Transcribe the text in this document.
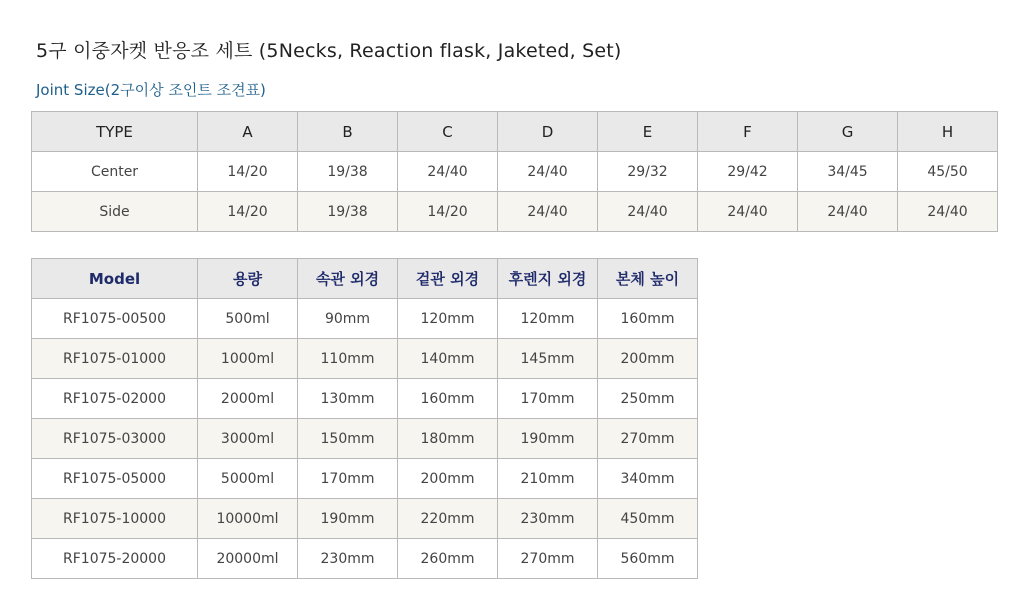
5구 이중자켓 반응조 세트 (5Necks, Reaction flask, Jaketed, Set)
Joint Size(2구이상 조인트 조견표)
TYPE	A	B	C	D	E	F	G	H
Center	14/20	19/38	24/40	24/40	29/32	29/42	34/45	45/50
Side	14/20	19/38	14/20	24/40	24/40	24/40	24/40	24/40
Model	용량	속관 외경	겉관 외경	후렌지 외경	본체 높이
RF1075-00500	500ml	90mm	120mm	120mm	160mm
RF1075-01000	1000ml	110mm	140mm	145mm	200mm
RF1075-02000	2000ml	130mm	160mm	170mm	250mm
RF1075-03000	3000ml	150mm	180mm	190mm	270mm
RF1075-05000	5000ml	170mm	200mm	210mm	340mm
RF1075-10000	10000ml	190mm	220mm	230mm	450mm
RF1075-20000	20000ml	230mm	260mm	270mm	560mm
